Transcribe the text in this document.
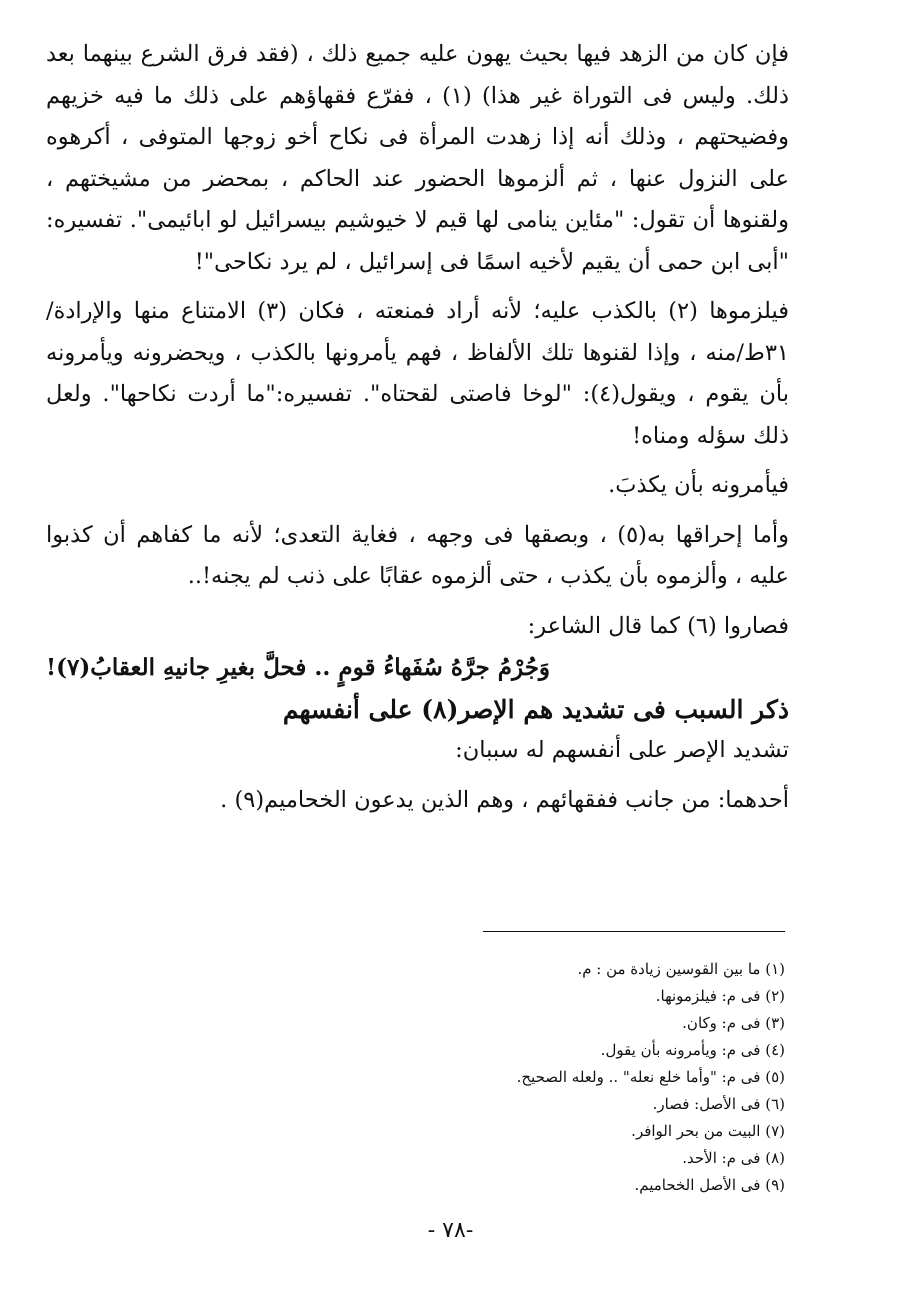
فإن كان من الزهد فيها بحيث يهون عليه جميع ذلك ، (فقد فرق الشرع بينهما بعد ذلك. وليس فى التوراة غير هذا) (١) ، ففرّع فقهاؤهم على ذلك ما فيه خزيهم وفضيحتهم ، وذلك أنه إذا زهدت المرأة فى نكاح أخو زوجها المتوفى ، أكرهوه على النزول عنها ، ثم ألزموها الحضور عند الحاكم ، بمحضر من مشيختهم ، ولقنوها أن تقول: "مئاين ينامى لها قيم لا خيوشيم بيسرائيل لو ابائيمى". تفسيره: "أبى ابن حمى أن يقيم لأخيه اسمًا فى إسرائيل ، لم يرد نكاحى"!

فيلزموها (٢) بالكذب عليه؛ لأنه أراد فمنعته ، فكان (٣) الامتناع منها والإرادة/ ٣١ط/منه ، وإذا لقنوها تلك الألفاظ ، فهم يأمرونها بالكذب ، ويحضرونه ويأمرونه بأن يقوم ، ويقول(٤): "لوخا فاصتى لقحتاه". تفسيره:"ما أردت نكاحها". ولعل ذلك سؤله ومناه!

فيأمرونه بأن يكذبَ.

وأما إحراقها به(٥) ، وبصقها فى وجهه ، فغاية التعدى؛ لأنه ما كفاهم أن كذبوا عليه ، وألزموه بأن يكذب ، حتى ألزموه عقابًا على ذنب لم يجنه!..

فصاروا (٦) كما قال الشاعر:

وَجُرْمُ جرَّهُ سُفَهاءُ قومٍ .. فحلَّ بغيرِ جانيهِ العقابُ(٧)!

ذكر السبب فى تشديد هم الإصر(٨) على أنفسهم

تشديد الإصر على أنفسهم له سببان:

أحدهما: من جانب ففقهائهم ، وهم الذين يدعون الخحاميم(٩) .

(١) ما بين القوسين زيادة من : م.
(٢) فى م: فيلزمونها.
(٣) فى م: وكان.
(٤) فى م: ويأمرونه بأن يقول.
(٥) فى م: "وأما خلع نعله" .. ولعله الصحيح.
(٦) فى الأصل: فصار.
(٧) البيت من بحر الوافر.
(٨) فى م: الأحد.
(٩) فى الأصل الخحاميم.
-٧٨ -
